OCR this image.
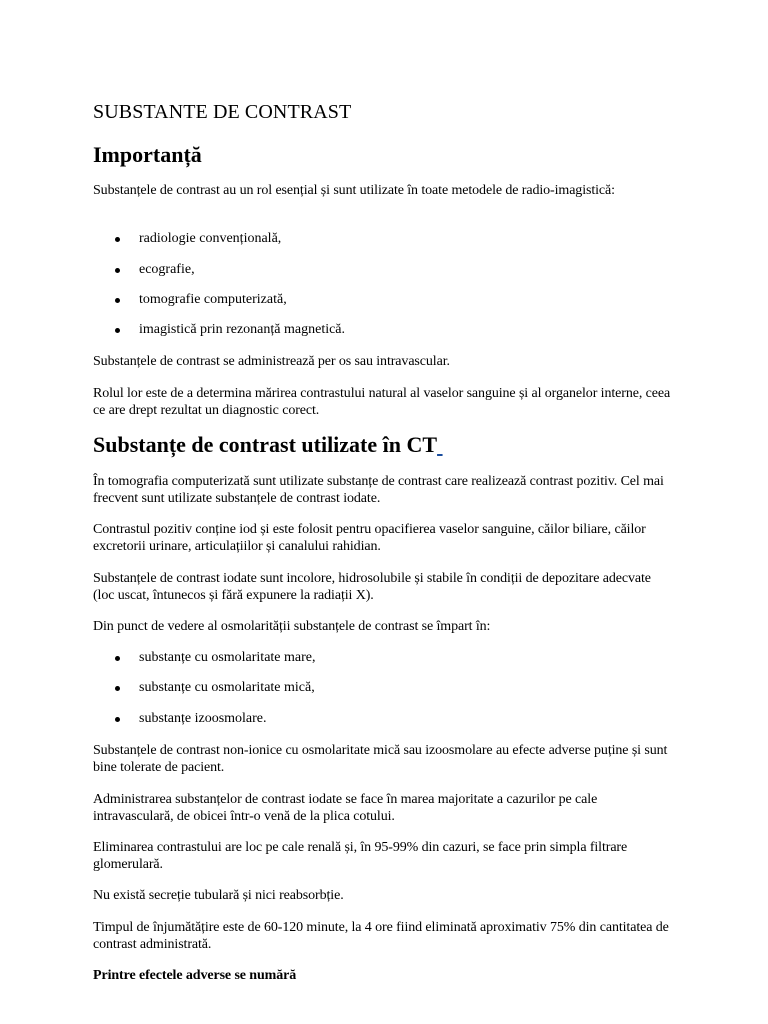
SUBSTANTE DE CONTRAST
Importanță

Substanțele de contrast au un rol esențial și sunt utilizate în toate metodele de radio-imagistică:

radiologie convențională,
ecografie,
tomografie computerizată,
imagistică prin rezonanță magnetică.

Substanțele de contrast se administrează per os sau intravascular.

Rolul lor este de a determina mărirea contrastului natural al vaselor sanguine și al organelor interne, ceea ce are drept rezultat un diagnostic corect.

Substanțe de contrast utilizate în CT

În tomografia computerizată sunt utilizate substanțe de contrast care realizează contrast pozitiv. Cel mai frecvent sunt utilizate substanțele de contrast iodate.

Contrastul pozitiv conține iod și este folosit pentru opacifierea vaselor sanguine, căilor biliare, căilor excretorii urinare, articulațiilor și canalului rahidian.

Substanțele de contrast iodate sunt incolore, hidrosolubile și stabile în condiții de depozitare adecvate (loc uscat, întunecos și fără expunere la radiații X).

Din punct de vedere al osmolarității substanțele de contrast se împart în:

substanțe cu osmolaritate mare,
substanțe cu osmolaritate mică,
substanțe izoosmolare.

Substanțele de contrast non-ionice cu osmolaritate mică sau izoosmolare au efecte adverse puține și sunt bine tolerate de pacient.

Administrarea substanțelor de contrast iodate se face în marea majoritate a cazurilor pe cale intravasculară, de obicei într-o venă de la plica cotului.

Eliminarea contrastului are loc pe cale renală și, în 95-99% din cazuri, se face prin simpla filtrare glomerulară.

Nu există secreție tubulară și nici reabsorbție.

Timpul de înjumătățire este de 60-120 minute, la 4 ore fiind eliminată aproximativ 75% din cantitatea de contrast administrată.

Printre efectele adverse se numără
